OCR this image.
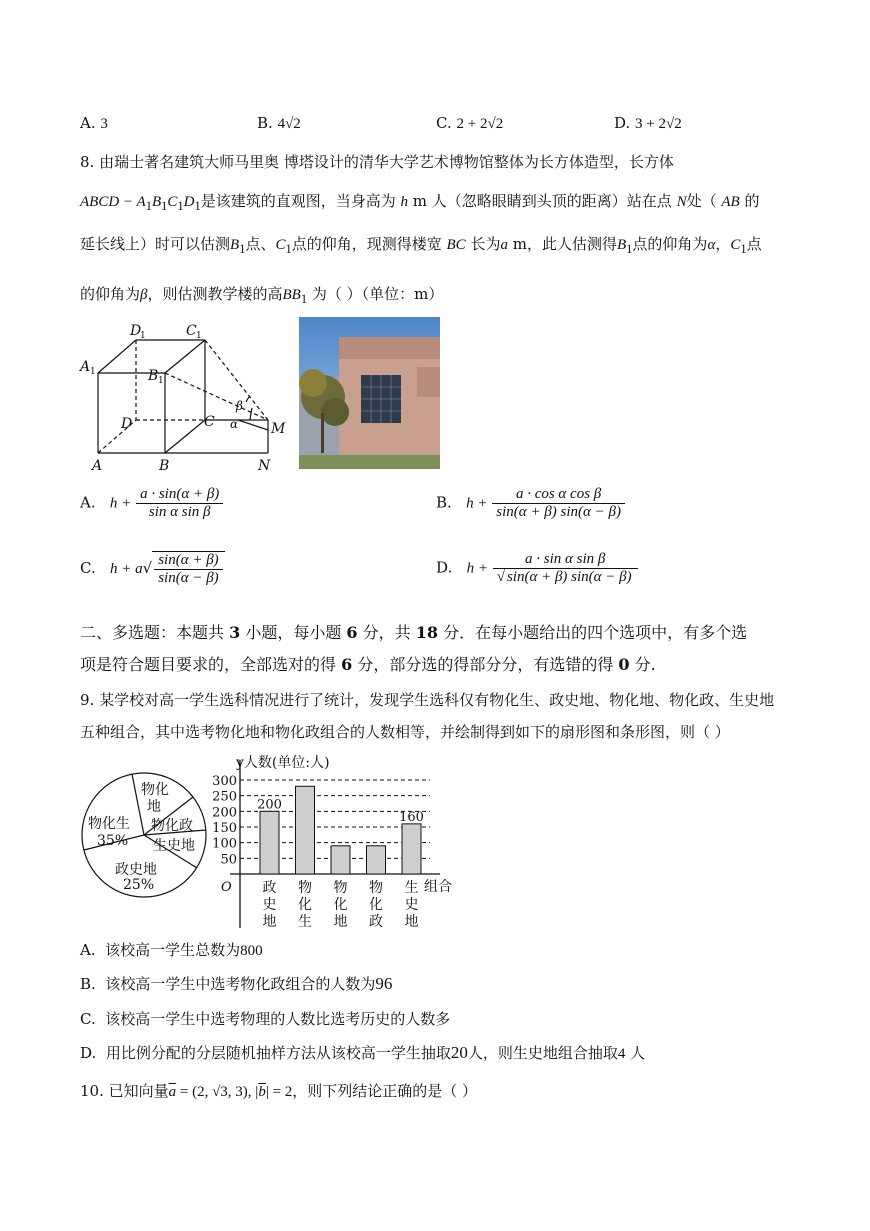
A. 3	B. 4√2	C. 2 + 2√2	D. 3 + 2√2
8. 由瑞士著名建筑大师马里奥 博塔设计的清华大学艺术博物馆整体为长方体造型，长方体
ABCD − $A_1B_1C_1D_1$是该建筑的直观图，当身高为 h m 人（忽略眼睛到头顶的距离）站在点 N处（ AB 的
延长线上）时可以估测$B_1$点、$C_1$点的仰角，现测得楼宽 BC 长为a m，此人估测得$B_1$点的仰角为α，$C_1$点
的仰角为β，则估测教学楼的高$BB_1$ 为（ ）（单位：m）
D
1	C 1
A 1	B 1
D	C
A	B	N
M
α
β
A. $h + \frac{a \cdot \sin(\alpha + \beta)}{\text{sin α sin β}}$	B. $h + \frac{\text{a · cos α cos β}}{\sin(\alpha + \beta) \sin(\alpha - \beta)}$
C. $h + a√ \frac{\sin(\alpha + \beta)}{\sin(\alpha - \beta)}$	D. $h + \frac{\text{a · sin α sin β}}{√ \sin(\alpha + \beta) \sin(\alpha - \beta)}$
二、多选题：本题共 3 小题，每小题 6 分，共 18 分．在每小题给出的四个选项中，有多个选
项是符合题目要求的，全部选对的得 6 分，部分选的得部分分，有选错的得 0 分.
9. 某学校对高一学生选科情况进行了统计，发现学生选科仅有物化生、政史地、物化地、物化政、生史地
五种组合，其中选考物化地和物化政组合的人数相等，并绘制得到如下的扇形图和条形图，则（ ）
物化
地
物化政
生史地
政史地
25%
物化生
35%
50
100
150
200
250
300
y人数(单位:人)
组合
O
200
政
史
地
物
化
生
物
化
地
物
化
政
160
生
史
地
A. 该校高一学生总数为800
B. 该校高一学生中选考物化政组合的人数为96
C. 该校高一学生中选考物理的人数比选考历史的人数多
D. 用比例分配的分层随机抽样方法从该校高一学生抽取20人，则生史地组合抽取4 人
10. 已知向量$\overline{a} = (2$, √3, 3), $|\overline{b}| = 2$，则下列结论正确的是（ ）
